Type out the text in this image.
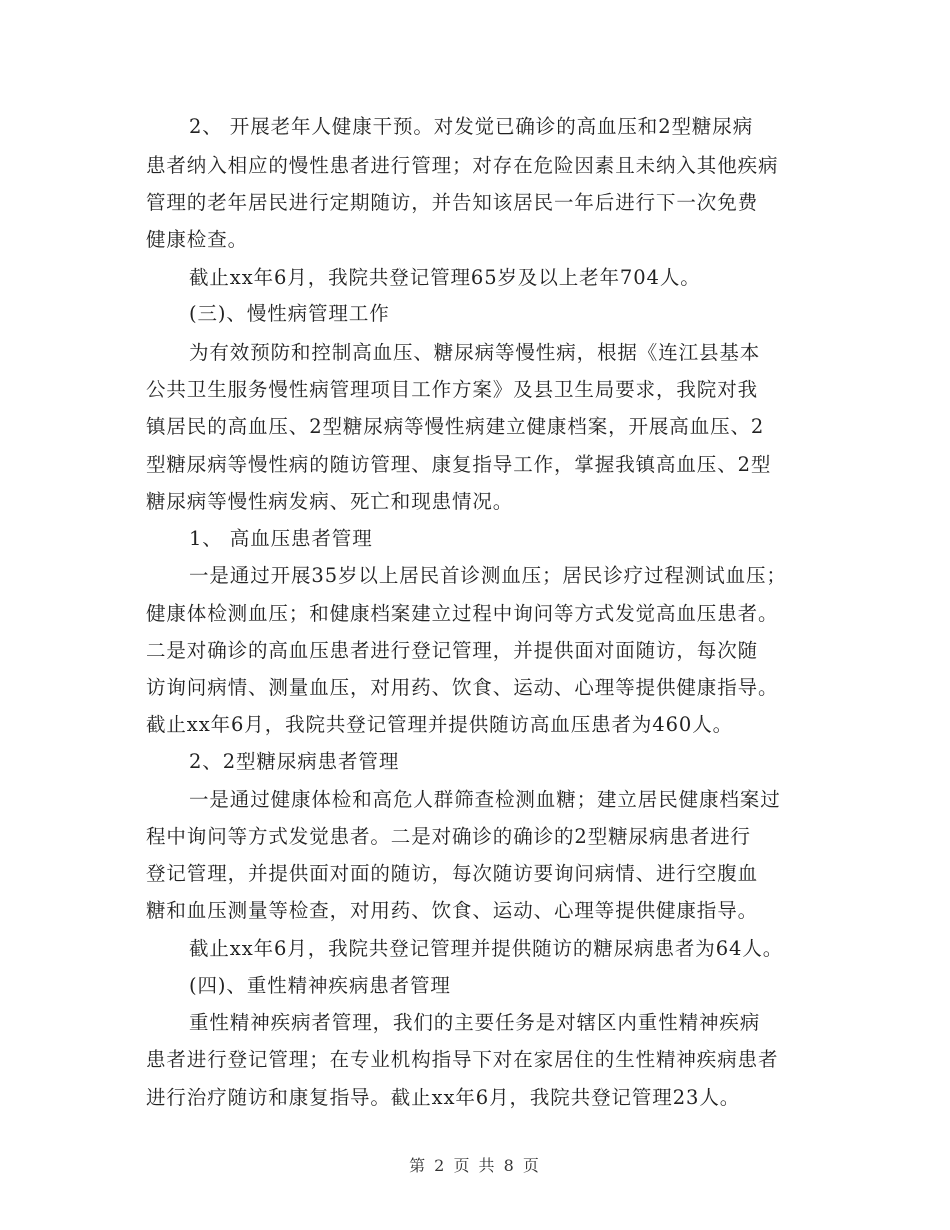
2、 开展老年人健康干预。对发觉已确诊的高血压和2型糖尿病
患者纳入相应的慢性患者进行管理；对存在危险因素且未纳入其他疾病
管理的老年居民进行定期随访，并告知该居民一年后进行下一次免费
健康检查。
截止xx年6月，我院共登记管理65岁及以上老年704人。
(三)、慢性病管理工作
为有效预防和控制高血压、糖尿病等慢性病，根据《连江县基本
公共卫生服务慢性病管理项目工作方案》及县卫生局要求，我院对我
镇居民的高血压、2型糖尿病等慢性病建立健康档案，开展高血压、2
型糖尿病等慢性病的随访管理、康复指导工作，掌握我镇高血压、2型
糖尿病等慢性病发病、死亡和现患情况。
1、 高血压患者管理
一是通过开展35岁以上居民首诊测血压；居民诊疗过程测试血压；
健康体检测血压；和健康档案建立过程中询问等方式发觉高血压患者。
二是对确诊的高血压患者进行登记管理，并提供面对面随访，每次随
访询问病情、测量血压，对用药、饮食、运动、心理等提供健康指导。
截止xx年6月，我院共登记管理并提供随访高血压患者为460人。
2、2型糖尿病患者管理
一是通过健康体检和高危人群筛查检测血糖；建立居民健康档案过
程中询问等方式发觉患者。二是对确诊的确诊的2型糖尿病患者进行
登记管理，并提供面对面的随访，每次随访要询问病情、进行空腹血
糖和血压测量等检查，对用药、饮食、运动、心理等提供健康指导。
截止xx年6月，我院共登记管理并提供随访的糖尿病患者为64人。
(四)、重性精神疾病患者管理
重性精神疾病者管理，我们的主要任务是对辖区内重性精神疾病
患者进行登记管理；在专业机构指导下对在家居住的生性精神疾病患者
进行治疗随访和康复指导。截止xx年6月，我院共登记管理23人。
第 2 页 共 8 页
